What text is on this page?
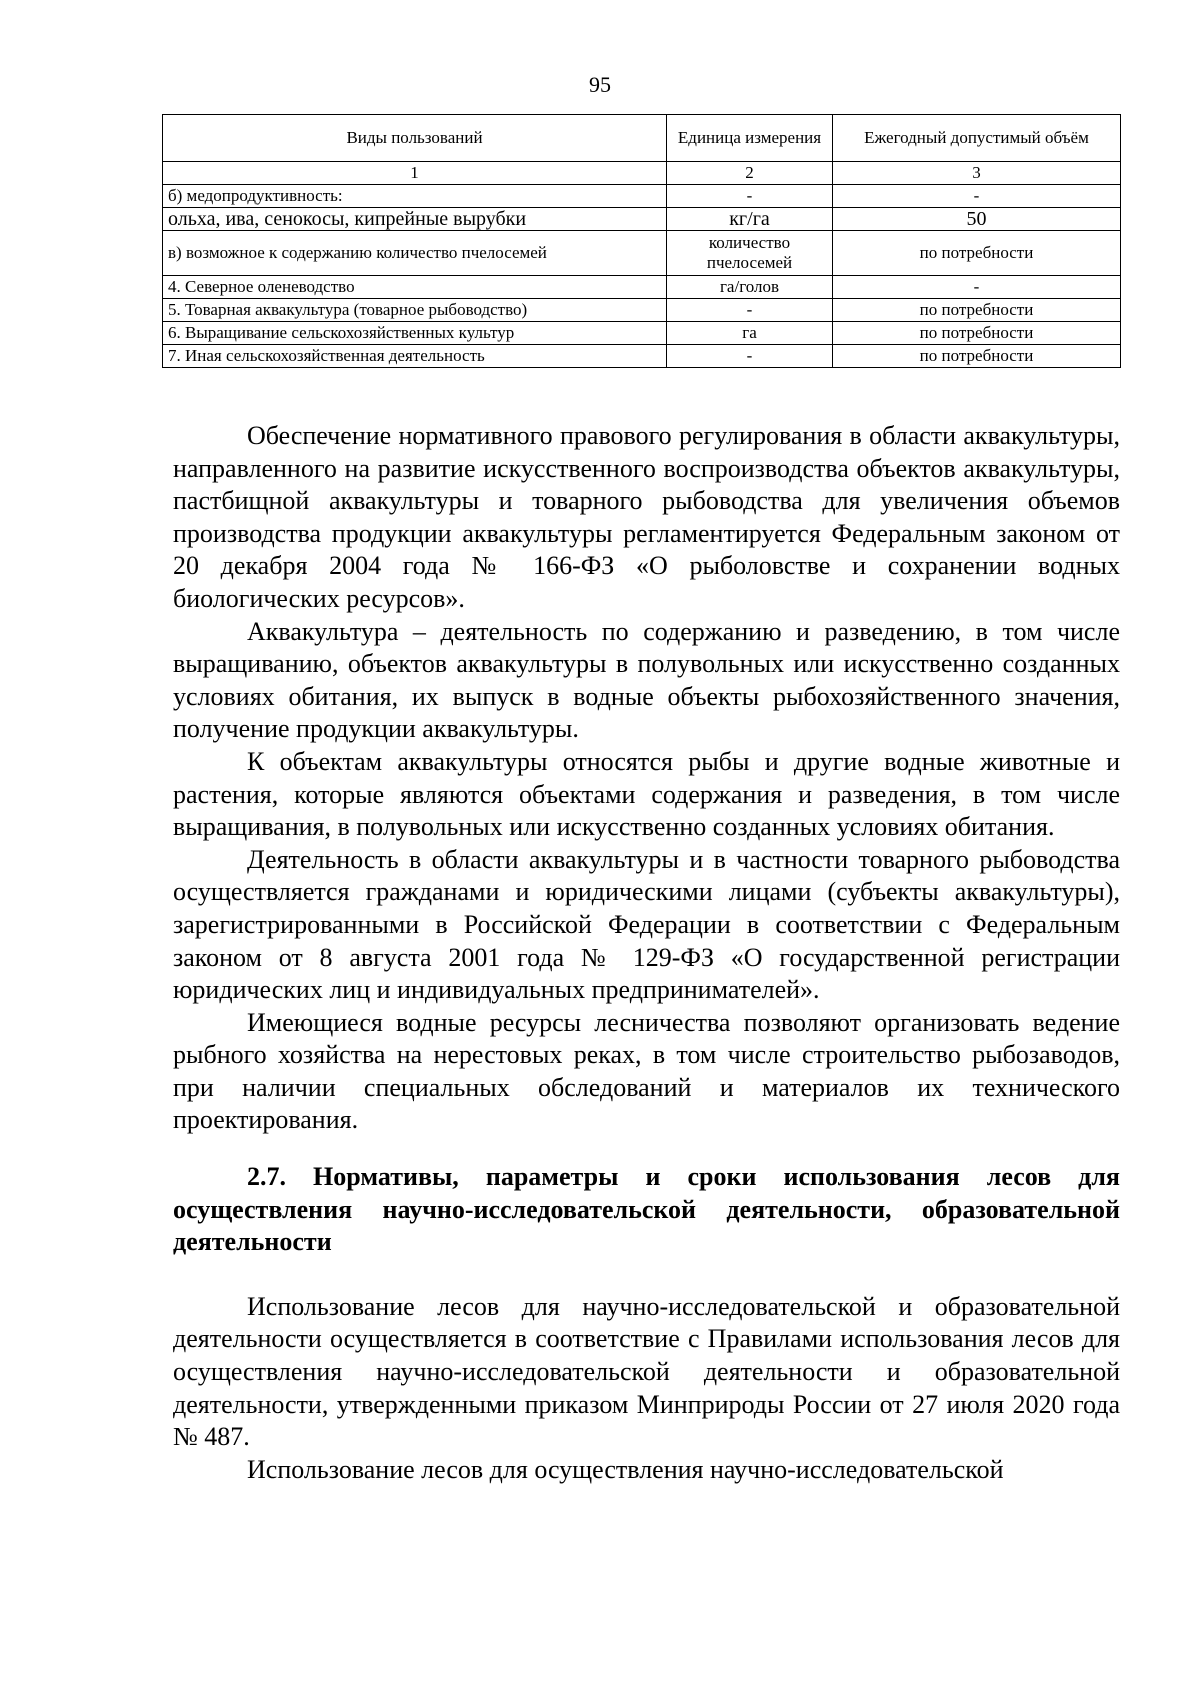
95
Виды пользований	Единица измерения	Ежегодный допустимый объём
1	2	3
б) медопродуктивность:	-	-
ольха, ива, сенокосы, кипрейные вырубки	кг/га	50
в) возможное к содержанию количество пчелосемей	количество пчелосемей	по потребности
4. Северное оленеводство	га/голов	-
5. Товарная аквакультура (товарное рыбоводство)	-	по потребности
6. Выращивание сельскохозяйственных культур	га	по потребности
7. Иная сельскохозяйственная деятельность	-	по потребности

Обеспечение нормативного правового регулирования в области аквакультуры, направленного на развитие искусственного воспроизводства объектов аквакультуры, пастбищной аквакультуры и товарного рыбоводства для увеличения объемов производства продукции аквакультуры регламентируется Федеральным законом от 20 декабря 2004 года № 166-ФЗ «О рыболовстве и сохранении водных биологических ресурсов».

Аквакультура – деятельность по содержанию и разведению, в том числе выращиванию, объектов аквакультуры в полувольных или искусственно созданных условиях обитания, их выпуск в водные объекты рыбохозяйственного значения, получение продукции аквакультуры.

К объектам аквакультуры относятся рыбы и другие водные животные и растения, которые являются объектами содержания и разведения, в том числе выращивания, в полувольных или искусственно созданных условиях обитания.

Деятельность в области аквакультуры и в частности товарного рыбоводства осуществляется гражданами и юридическими лицами (субъекты аквакультуры), зарегистрированными в Российской Федерации в соответствии с Федеральным законом от 8 августа 2001 года № 129-ФЗ «О государственной регистрации юридических лиц и индивидуальных предпринимателей».

Имеющиеся водные ресурсы лесничества позволяют организовать ведение рыбного хозяйства на нерестовых реках, в том числе строительство рыбозаводов, при наличии специальных обследований и материалов их технического проектирования.

2.7. Нормативы, параметры и сроки использования лесов для осуществления научно-исследовательской деятельности, образовательной деятельности

Использование лесов для научно-исследовательской и образовательной деятельности осуществляется в соответствие с Правилами использования лесов для осуществления научно-исследовательской деятельности и образовательной деятельности, утвержденными приказом Минприроды России от 27 июля 2020 года № 487.

Использование лесов для осуществления научно-исследовательской
